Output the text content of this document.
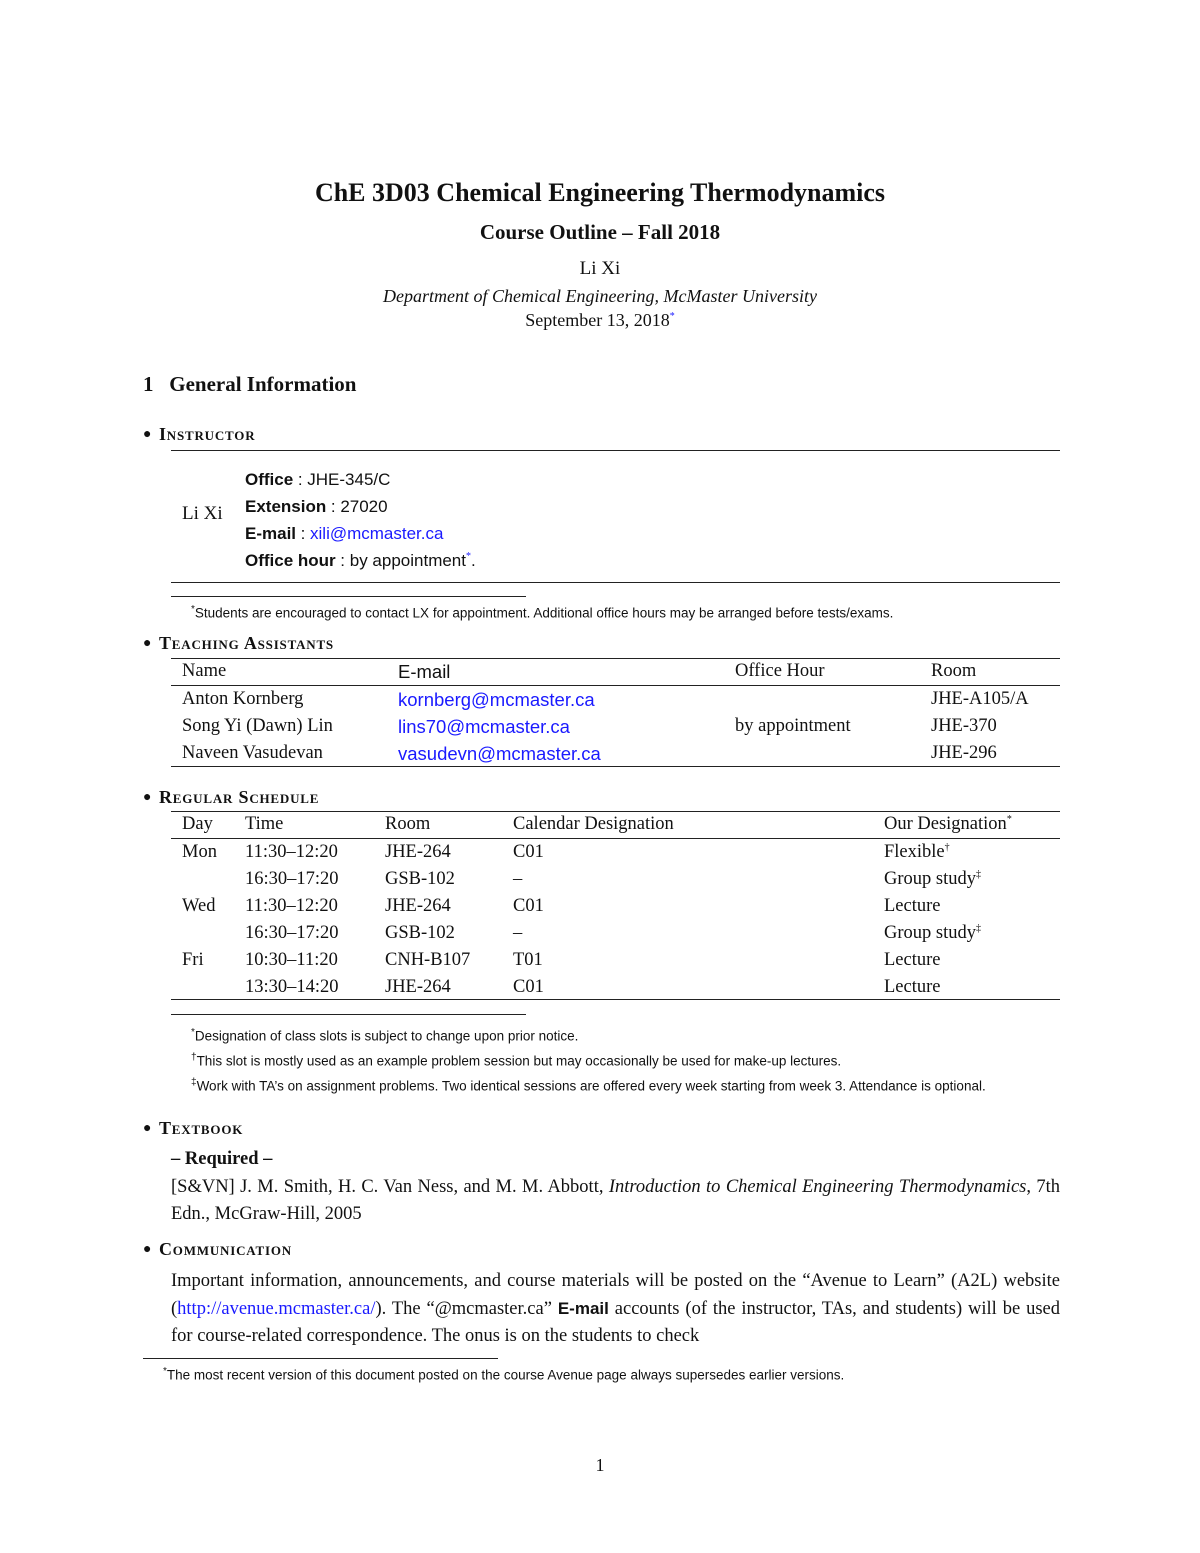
ChE 3D03 Chemical Engineering Thermodynamics
Course Outline – Fall 2018
Li Xi
Department of Chemical Engineering, McMaster University
September 13, 2018*
1 General Information
● Instructor
Li Xi
Office : JHE-345/C
Extension : 27020
E-mail : xili@mcmaster.ca
Office hour : by appointment*.
*Students are encouraged to contact LX for appointment. Additional office hours may be arranged before tests/exams.
● Teaching Assistants
Name	E-mail	Office Hour	Room
Anton Kornberg	kornberg@mcmaster.ca		JHE-A105/A
Song Yi (Dawn) Lin	lins70@mcmaster.ca	by appointment	JHE-370
Naveen Vasudevan	vasudevn@mcmaster.ca		JHE-296
● Regular Schedule
Day	Time	Room	Calendar Designation	Our Designation*
Mon	11:30–12:20	JHE-264	C01	Flexible†
	16:30–17:20	GSB-102	–	Group study‡
Wed	11:30–12:20	JHE-264	C01	Lecture
	16:30–17:20	GSB-102	–	Group study‡
Fri	10:30–11:20	CNH-B107	T01	Lecture
	13:30–14:20	JHE-264	C01	Lecture
*Designation of class slots is subject to change upon prior notice.
†This slot is mostly used as an example problem session but may occasionally be used for make-up lectures.
‡Work with TA’s on assignment problems. Two identical sessions are offered every week starting from week 3. Attendance is optional.
● Textbook
– Required –
[S&VN] J. M. Smith, H. C. Van Ness, and M. M. Abbott, Introduction to Chemical Engineering Thermodynamics, 7th Edn., McGraw-Hill, 2005
● Communication
Important information, announcements, and course materials will be posted on the “Avenue to Learn” (A2L) website (http://avenue.mcmaster.ca/). The “@mcmaster.ca” E-mail accounts (of the instructor, TAs, and students) will be used for course-related correspondence. The onus is on the students to check
*The most recent version of this document posted on the course Avenue page always supersedes earlier versions.
1
